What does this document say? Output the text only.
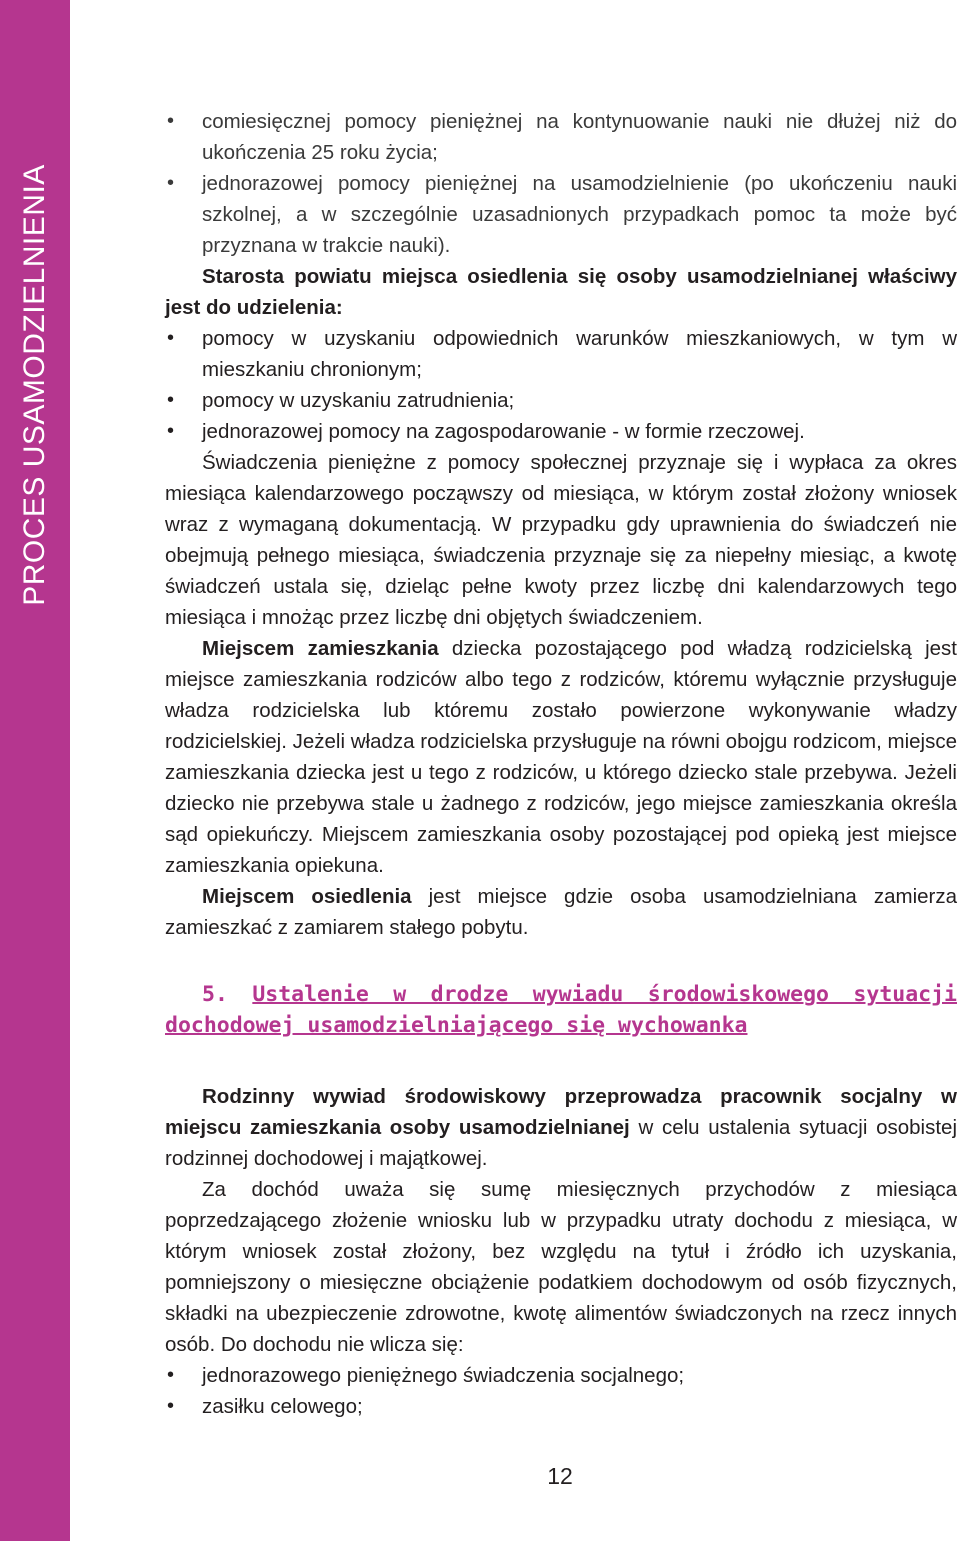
PROCES USAMODZIELNIENIA
• comiesięcznej pomocy pieniężnej na kontynuowanie nauki nie dłużej niż do ukończenia 25 roku życia;
• jednorazowej pomocy pieniężnej na usamodzielnienie (po ukończeniu nauki szkolnej, a w szczególnie uzasadnionych przypadkach pomoc ta może być przyznana w trakcie nauki).

Starosta powiatu miejsca osiedlenia się osoby usamodzielnianej właściwy jest do udzielenia:

• pomocy w uzyskaniu odpowiednich warunków mieszkaniowych, w tym w mieszkaniu chronionym;
• pomocy w uzyskaniu zatrudnienia;
• jednorazowej pomocy na zagospodarowanie - w formie rzeczowej.

Świadczenia pieniężne z pomocy społecznej przyznaje się i wypłaca za okres miesiąca kalendarzowego począwszy od miesiąca, w którym został złożony wniosek wraz z wymaganą dokumentacją. W przypadku gdy uprawnienia do świadczeń nie obejmują pełnego miesiąca, świadczenia przyznaje się za niepełny miesiąc, a kwotę świadczeń ustala się, dzieląc pełne kwoty przez liczbę dni kalendarzowych tego miesiąca i mnożąc przez liczbę dni objętych świadczeniem.

Miejscem zamieszkania dziecka pozostającego pod władzą rodzicielską jest miejsce zamieszkania rodziców albo tego z rodziców, któremu wyłącznie przysługuje władza rodzicielska lub któremu zostało powierzone wykonywanie władzy rodzicielskiej. Jeżeli władza rodzicielska przysługuje na równi obojgu rodzicom, miejsce zamieszkania dziecka jest u tego z rodziców, u którego dziecko stale przebywa. Jeżeli dziecko nie przebywa stale u żadnego z rodziców, jego miejsce zamieszkania określa sąd opiekuńczy. Miejscem zamieszkania osoby pozostającej pod opieką jest miejsce zamieszkania opiekuna.

Miejscem osiedlenia jest miejsce gdzie osoba usamodzielniana zamierza zamieszkać z zamiarem stałego pobytu.

5. Ustalenie w drodze wywiadu środowiskowego sytuacji dochodowej usamodzielniającego się wychowanka

Rodzinny wywiad środowiskowy przeprowadza pracownik socjalny w miejscu zamieszkania osoby usamodzielnianej w celu ustalenia sytuacji osobistej rodzinnej dochodowej i majątkowej.

Za dochód uważa się sumę miesięcznych przychodów z miesiąca poprzedzającego złożenie wniosku lub w przypadku utraty dochodu z miesiąca, w którym wniosek został złożony, bez względu na tytuł i źródło ich uzyskania, pomniejszony o miesięczne obciążenie podatkiem dochodowym od osób fizycznych, składki na ubezpieczenie zdrowotne, kwotę alimentów świadczonych na rzecz innych osób. Do dochodu nie wlicza się:

• jednorazowego pieniężnego świadczenia socjalnego;
• zasiłku celowego;
12
